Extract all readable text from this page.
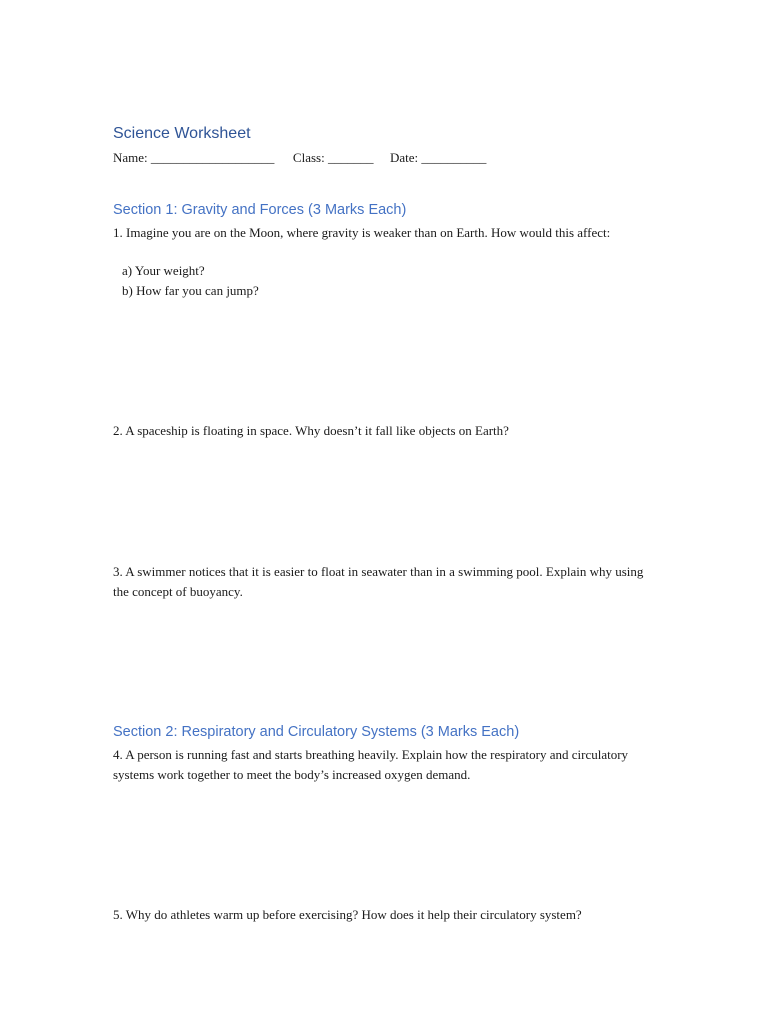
Science Worksheet
Name: ___________________ Class: _______ Date: __________
Section 1: Gravity and Forces (3 Marks Each)
1. Imagine you are on the Moon, where gravity is weaker than on Earth. How would this affect:
a) Your weight?
b) How far you can jump?
2. A spaceship is floating in space. Why doesn’t it fall like objects on Earth?
3. A swimmer notices that it is easier to float in seawater than in a swimming pool. Explain why using the concept of buoyancy.
Section 2: Respiratory and Circulatory Systems (3 Marks Each)
4. A person is running fast and starts breathing heavily. Explain how the respiratory and circulatory systems work together to meet the body’s increased oxygen demand.
5. Why do athletes warm up before exercising? How does it help their circulatory system?
